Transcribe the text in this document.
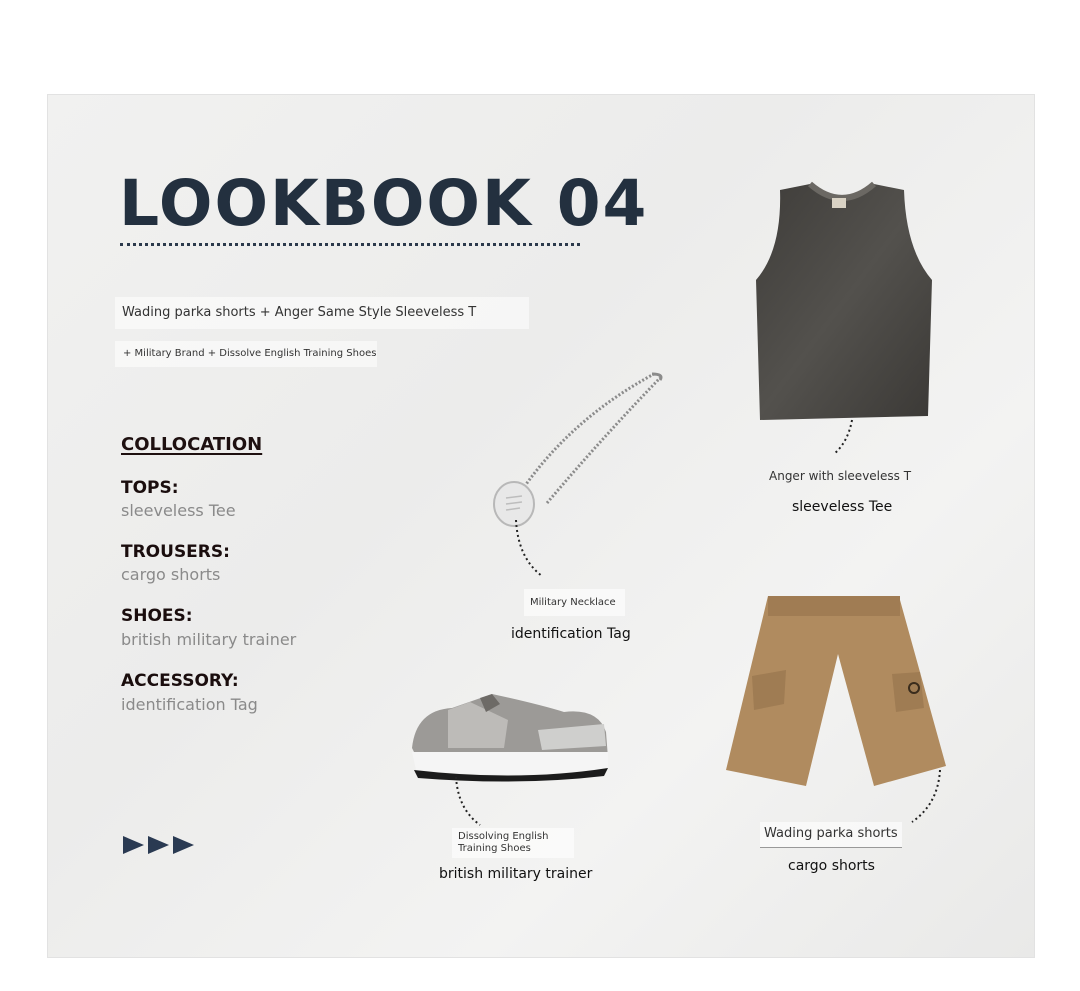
LOOKBOOK 04
Wading parka shorts + Anger Same Style Sleeveless T
+ Military Brand + Dissolve English Training Shoes
COLLOCATION
TOPS:
sleeveless Tee
TROUSERS:
cargo shorts
SHOES:
british military trainer
ACCESSORY:
identification Tag
Anger with sleeveless T
sleeveless Tee
Military Necklace
identification Tag
Dissolving English
Training Shoes
british military trainer
Wading parka shorts
cargo shorts
